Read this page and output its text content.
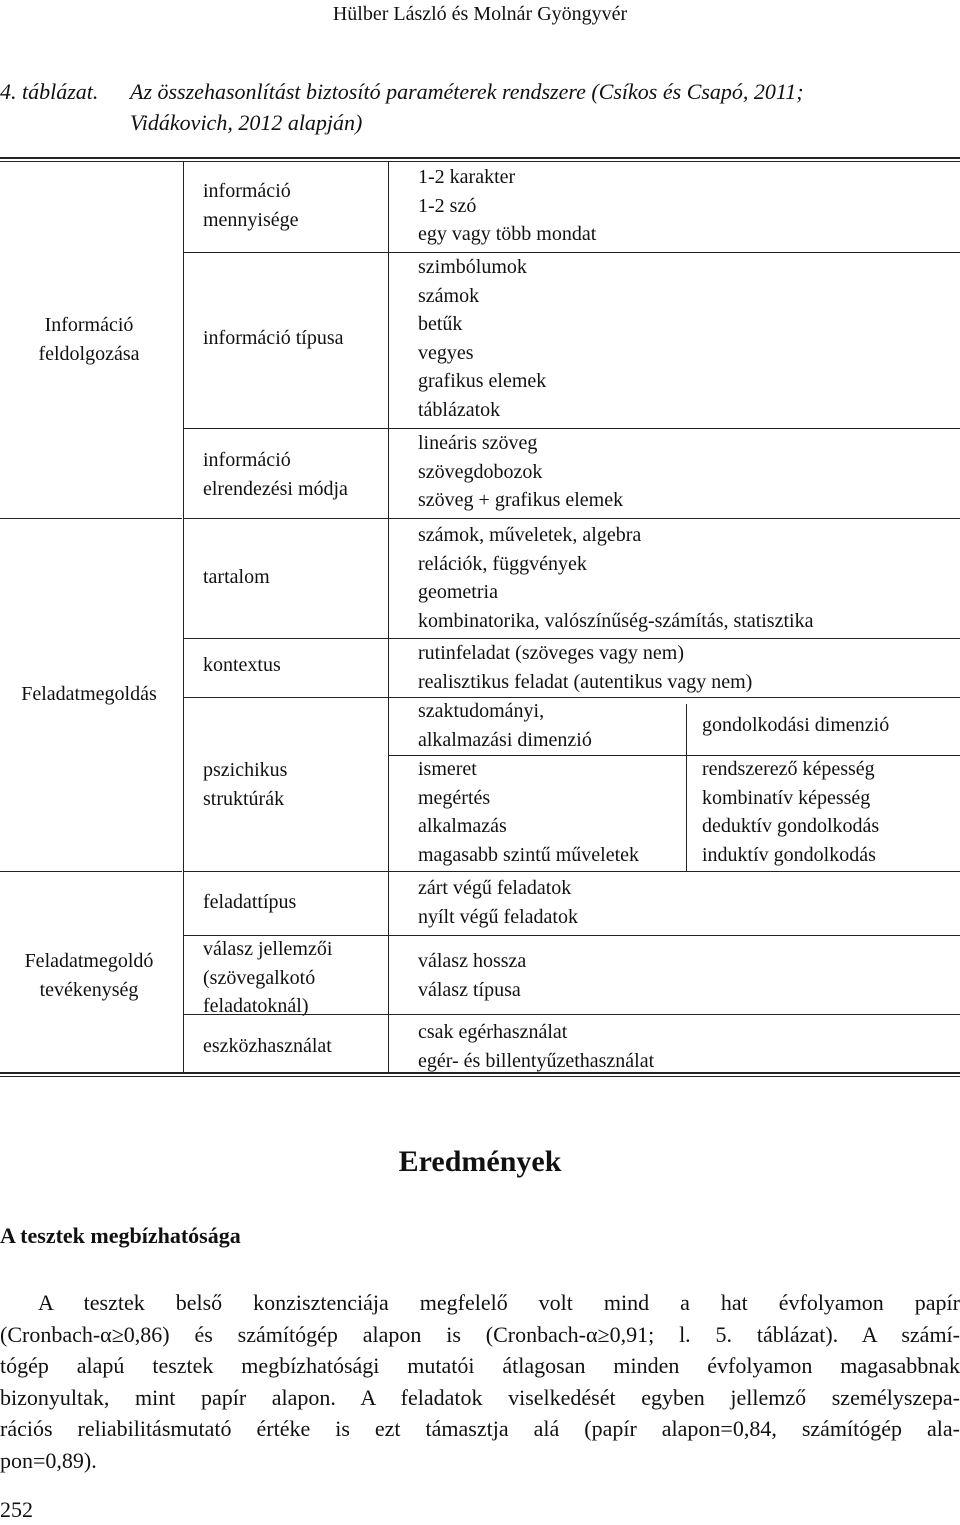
Hülber László és Molnár Gyöngyvér
4. táblázat. Az összehasonlítást biztosító paraméterek rendszere (Csíkos és Csapó, 2011;
Vidákovich, 2012 alapján)
Információ
feldolgozása
Feladatmegoldás
Feladatmegoldó
tevékenység
információ
mennyisége
információ típusa
információ
elrendezési módja
tartalom
kontextus
pszichikus
struktúrák
feladattípus
válasz jellemzői
(szövegalkotó
feladatoknál)
eszközhasználat
1-2 karakter
1-2 szó
egy vagy több mondat
szimbólumok
számok
betűk
vegyes
grafikus elemek
táblázatok
lineáris szöveg
szövegdobozok
szöveg + grafikus elemek
számok, műveletek, algebra
relációk, függvények
geometria
kombinatorika, valószínűség-számítás, statisztika
rutinfeladat (szöveges vagy nem)
realisztikus feladat (autentikus vagy nem)
szaktudományi,
alkalmazási dimenzió
ismeret
megértés
alkalmazás
magasabb szintű műveletek
zárt végű feladatok
nyílt végű feladatok
válasz hossza
válasz típusa
csak egérhasználat
egér- és billentyűzethasználat
gondolkodási dimenzió
rendszerező képesség
kombinatív képesség
deduktív gondolkodás
induktív gondolkodás
Eredmények
A tesztek megbízhatósága
A tesztek belső konzisztenciája megfelelő volt mind a hat évfolyamon papír
(Cronbach-α≥0,86) és számítógép alapon is (Cronbach-α≥0,91; l. 5. táblázat). A számí-
tógép alapú tesztek megbízhatósági mutatói átlagosan minden évfolyamon magasabbnak
bizonyultak, mint papír alapon. A feladatok viselkedését egyben jellemző személyszepa-
rációs reliabilitásmutató értéke is ezt támasztja alá (papír alapon=0,84, számítógép ala-
pon=0,89).
252
